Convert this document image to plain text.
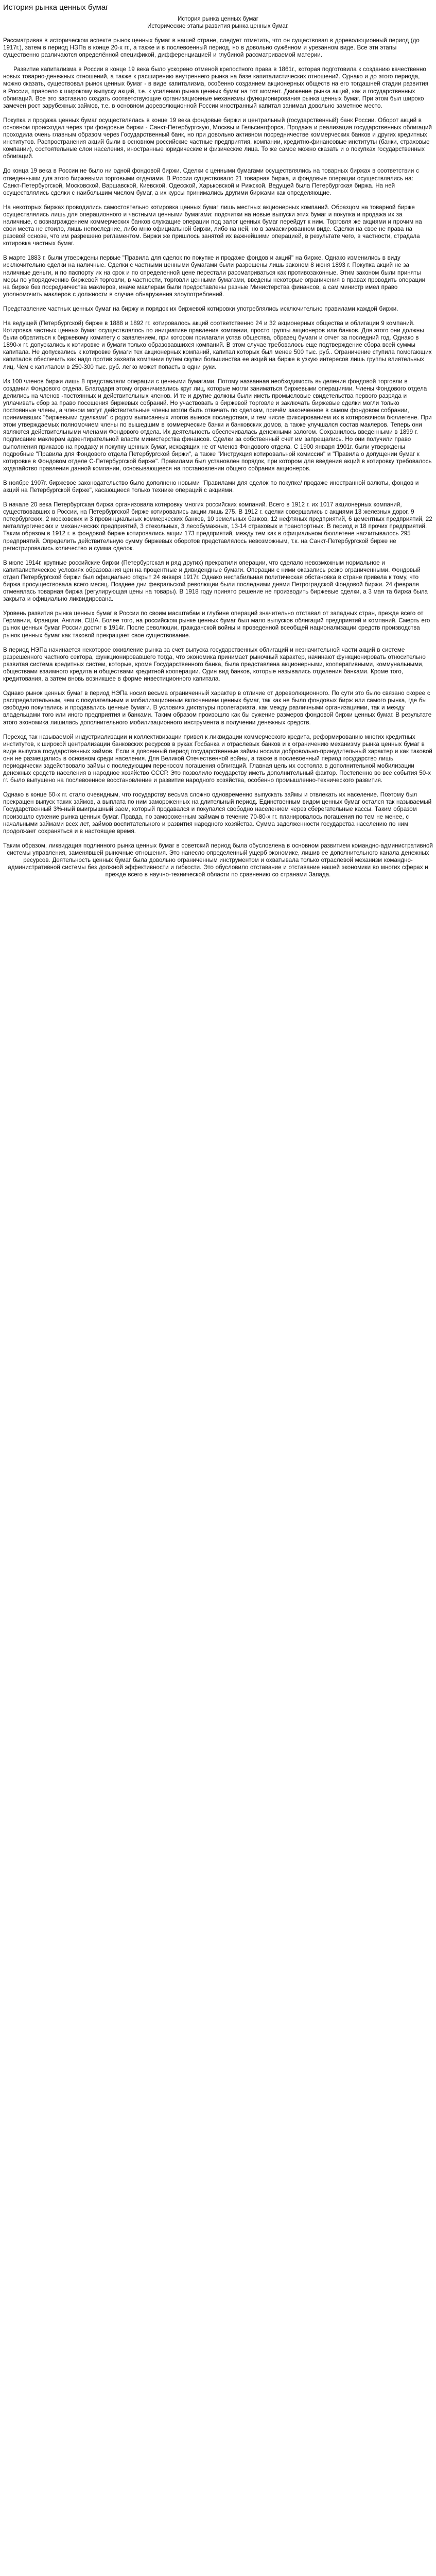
История рынка ценных бумаг

История рынка ценных бумаг

Исторические этапы развития рынка ценных бумаг.

Рассматривая в историческом аспекте рынок ценных бумаг в нашей стране, следует отметить, что он существовал в дореволюционный период (до 1917г.), затем в период НЭПа в конце 20-х гг., а также и в послевоенный период, но в довольно сужённом и урезанном виде. Все эти этапы существенно различаются определённой спецификой, дифференциацией и глубиной рассматриваемой материи.

Развитие капитализма в России в конце 19 века было ускорено отменой крепостного права в 1861г., которая подготовила к созданию качественно новых товарно-денежных отношений, а также к расширению внутреннего рынка на базе капиталистических отношений. Однако и до этого периода, можно сказать, существовал рынок ценных бумаг - в виде капитализма, особенно созданием акционерных обществ на его тогдашней стадии развития в России, правоело к широкому выпуску акций, т.е. к усилению рынка ценных бумаг на тот момент. Движение рынка акций, как и государственных облигаций. Все это заставило создать соответствующие организационные механизмы функционирования рынка ценных бумаг. При этом был широко замечен рост зарубежных займов, т.е. в основном дореволюционной России иностранный капитал занимал довольно заметное место.

Покупка и продажа ценных бумаг осуществлялась в конце 19 века фондовые биржи и центральный (государственный) банк России. Оборот акций в основном происходил через три фондовые биржи - Санкт-Петербургскую, Москвы и Гельсингфорса. Продажа и реализация государственных облигаций проходила очень главным образом через Государственный банк, но при довольно активном посредничестве коммерческих банков и других кредитных институтов. Распространения акций были в основном российские частные предприятия, компании, кредитно-финансовые институты (банки, страховые компании), состоятельные слои населения, иностранные юридические и физические лица. То же самое можно сказать и о покупках государственных облигаций.

До конца 19 века в России не было ни одной фондовой биржи. Сделки с ценными бумагами осуществлялись на товарных биржах в соответствии с отведенными для этого биржевыми торговыми отделами. В России существовало 21 товарная биржа, и фондовые операции осуществлялись на: Санкт-Петербургской, Московской, Варшавской, Киевской, Одесской, Харьковской и Рижской. Ведущей была Петербургская биржа. На ней осуществлялись сделки с наибольшим числом бумаг, а их курсы принимались другими биржами как определяющие.

На некоторых биржах проводились самостоятельно котировка ценных бумаг лишь местных акционерных компаний. Образцом на товарной бирже осуществлялись лишь для операционного и частными ценными бумагами: подсчитки на новые выпуски этих бумаг и покупка и продажа их за наличные, с вознаграждением коммерческих банков служащие операции под залог ценных бумаг перейдут к ним. Торговля же акциями и прочим на свои места не стоило, лишь непоследние, либо мню официальной биржи, либо на ней, но в замаскированном виде. Сделки на свое не права на разовой основе, что им разрешено регламентом. Биржи же пришлось занятой их важнейшими операцией, в результате чего, в частности, страдала котировка частных бумаг.

В марте 1883 г. были утверждены первые "Правила для сделок по покупке и продаже фондов и акций" на бирже. Однако изменились в виду исключительно сделки на наличные. Сделки с частными ценными бумагами были разрешены лишь законом 8 июня 1893 г. Покупка акций не за наличные деньги, и по паспорту их на срок и по определенной цене перестали рассматриваться как противозаконные. Этим законом были приняты меры по упорядочению биржевой торговли, в частности, торговли ценными бумагами, введены некоторые ограничения в правах проводить операции на бирже без посредничества маклеров, иначе маклерам были предоставлены разные Министерства финансов, а сам министр имел право уполномочить маклеров с должности в случае обнаружения злоупотреблений.

Представление частных ценных бумаг на биржу и порядок их биржевой котировки употреблялись исключительно правилами каждой биржи.

На ведущей (Петербургской) бирже в 1888 и 1892 гг. котировалось акций соответственно 24 и 32 акционерных общества и облигации 9 компаний. Котировка частных ценных бумаг осуществлялось по инициативе правления компании, просто группы акционеров или банков. Для этого они должны были обратиться к биржевому комитету с заявлением, при котором прилагали устав общества, образец бумаги и отчет за последний год. Однако в 1890-х гг. допускались к котировке и бумаги только образовавшихся компаний. В этом случае требовалось еще подтверждение сбора всей суммы капитала. Не допускались к котировке бумаги тех акционерных компаний, капитал которых был менее 500 тыс. руб.. Ограничение ступила помогающих капиталов обеспечить как надо против захвата компании путем скупки большинства ее акций на бирже в узкую интересов лишь группы влиятельных лиц. Чем с капиталом в 250-300 тыс. руб. легко может попасть в одни руки.

Из 100 членов биржи лишь 8 представляли операции с ценными бумагами. Потому названная необходимость выделения фондовой торговли в создании Фондового отдела. Благодаря этому ограничивались круг лиц, которые могли заниматься биржевыми операциями. Члены Фондового отдела делились на членов -постоянных и действительных членов. И те и другие должны были иметь промысловые свидетельства первого разряда и уплачивать сбор за право посещения биржевых собраний. Но участвовать в биржевой торговле и заключать биржевые сделки могли только постоянные члены, а членом могут действительные члены могли быть отвечать по сделкам, причём законченное в самом фондовом собрании, принимавших "биржевыми сделками" с родом выписанных итогов вынося последствия, и тем числе фиксированием их в котировочном бюллетене. При этом утверждаемых полномочием члены по вышедшим в коммерческие банки и банковских домов, а также улучшался состав маклеров. Теперь они являются действительными членами Фондового отдела. Их деятельность обеспечивалась денежными залогом. Сохранилось введенными в 1899 г. подписание маклерам адвентирательной власти министерства финансов. Сделки за собственный счет им запрещались. Но они получили право выполнения приказов на продажу и покупку ценных бумаг, исходящих не от членов Фондового отдела. С 1900 января 1901г. были утверждены подробные "Правила для Фондового отдела Петербургской биржи", а также "Инструкция котировальной комиссии" и "Правила о допущении бумаг к котировке в Фондовом отделе С-Петербургской бирже". Правилами был установлен порядок, при котором для введения акций в котировку требовалось ходатайство правления данной компании, основывающееся на постановлении общего собрания акционеров.

В ноябре 1907г. биржевое законодательство было дополнено новыми "Правилами для сделок по покупке/ продаже иностранной валюты, фондов и акций на Петербургской бирже", касающиеся только технике операций с акциями.

В начале 20 века Петербургская биржа организовала котировку многих российских компаний. Всего в 1912 г. их 1017 акционерных компаний, существовавших в России, на Петербургской бирже котировались акции лишь 275. В 1912 г. сделки совершались с акциями 13 железных дорог, 9 петербургских, 2 московских и 3 провинциальных коммерческих банков, 10 земельных банков, 12 нефтяных предприятий, 6 цементных предприятий, 22 металлургических и механических предприятий, 3 стекольных, 3 лесобумажных, 13-14 страховых и транспортных. В период и 18 прочих предприятий. Таким образом в 1912 г. в фондовой бирже котировались акции 173 предприятий, между тем как в официальном бюллетене насчитывалось 295 предприятий. Определить действительную сумму биржевых оборотов представлялось невозможным, т.к. на Санкт-Петербургской бирже не регистрировались количество и сумма сделок.

В июле 1914г. крупные российские биржи (Петербургская и ряд других) прекратили операции, что сделало невозможным нормальное и капиталистическое условиях образования цен на процентные и дивидендные бумаги. Операции с ними оказались резко ограниченными. Фондовый отдел Петербургской биржи был официально открыт 24 января 1917г. Однако нестабильная политическая обстановка в стране привела к тому, что биржа просуществовала всего месяц. Позднее дни февральской революции были последними днями Петроградской Фондовой биржи. 24 февраля отменялась товарная биржа (регулирующая цены на товары). В 1918 году принято решение не производить биржевые сделки, а 3 мая та биржа была закрыта и официально ликвидирована.

Уровень развития рынка ценных бумаг в России по своим масштабам и глубине операций значительно отставал от западных стран, прежде всего от Германии, Франции, Англии, США. Более того, на российском рынке ценных бумаг был мало выпусков облигаций предприятий и компаний. Смерть его рынок ценных бумаг России достиг в 1914г. После революции, гражданской войны и проведенной всеобщей национализации средств производства рынок ценных бумаг как таковой прекращает свое существование.

В период НЭПа начинается некоторое оживление рынка за счет выпуска государственных облигаций и незначительной части акций в системе разрешенного частного сектора, функционировавшего тогда, что экономика принимает рыночный характер, начинают функционировать относительно развитая система кредитных систем, которые, кроме Государственного банка, была представлена акционерными, кооперативными, коммунальными, обществами взаимного кредита и обществами кредитной кооперации. Один вид банков, которые назывались отделения банками. Кроме того, кредитования, а затем вновь возникшее в форме инвестиционного капитала.

Однако рынок ценных бумаг в период НЭПа носил весьма ограниченный характер в отличие от дореволюционного. По сути это было связано скорее с распределительным, чем с покупательным и мобилизационным включением ценных бумаг, так как не было фондовых бирж или самого рынка, где бы свободно покупались и продавались ценные бумаги. В условиях диктатуры пролетариата, как между различными организациями, так и между владельцами того или иного предприятия и банками. Таким образом произошло как бы сужение размеров фондовой биржи ценных бумаг. В результате этого экономика лишилась дополнительного мобилизационного инструмента в получении денежных средств.

Переход так называемой индустриализации и коллективизации привел к ликвидации коммерческого кредита, реформированию многих кредитных институтов, к широкой централизации банковских ресурсов в руках Госбанка и отраслевых банков и к ограничению механизму рынка ценных бумаг в виде выпуска государственных займов. Если в довоенный период государственные займы носили добровольно-принудительный характер и как таковой они не размещались в основном среди населения. Для Великой Отечественной войны, а также в послевоенный период государство лишь периодически задействовало займы с последующим переносом погашения облигаций. Главная цель их состояла в дополнительной мобилизации денежных средств населения в народное хозяйство СССР. Это позволило государству иметь дополнительный фактор. Постепенно во все события 50-х гг. было выпущено на послевоенное восстановление и развитие народного хозяйства, особенно промышленно-технического развития.

Однако в конце 50-х гг. стало очевидным, что государству весьма сложно одновременно выпускать займы и отвлекать их население. Поэтому был прекращен выпуск таких займов, а выплата по ним замороженных на длительный период. Единственным видом ценных бумаг остался так называемый Государственный 3%-ный выигрышный заем, который продавался и покупался свободно населением через сберегательные кассы. Таким образом произошло сужение рынка ценных бумаг. Правда, по замороженным займам в течение 70-80-х гг. планировалось погашения по тем не менее, с начальными займами всех лет, займов воспитательного и развития народного хозяйства. Сумма задолженности государства населению по ним продолжает сохраняться и в настоящее время.

Таким образом, ликвидация подлинного рынка ценных бумаг в советский период была обусловлена в основном развитием командно-административной системы управления, заменявшей рыночные отношения. Это нанесло определенный ущерб экономике, лишив ее дополнительного канала денежных ресурсов. Деятельность ценных бумаг была довольно ограниченным инструментом и охватывала только отраслевой механизм командно-административной системы без должной эффективности и гибкости. Это обусловило отставание и отставание нашей экономики во многих сферах и прежде всего в научно-технической области по сравнению со странами Запада.
